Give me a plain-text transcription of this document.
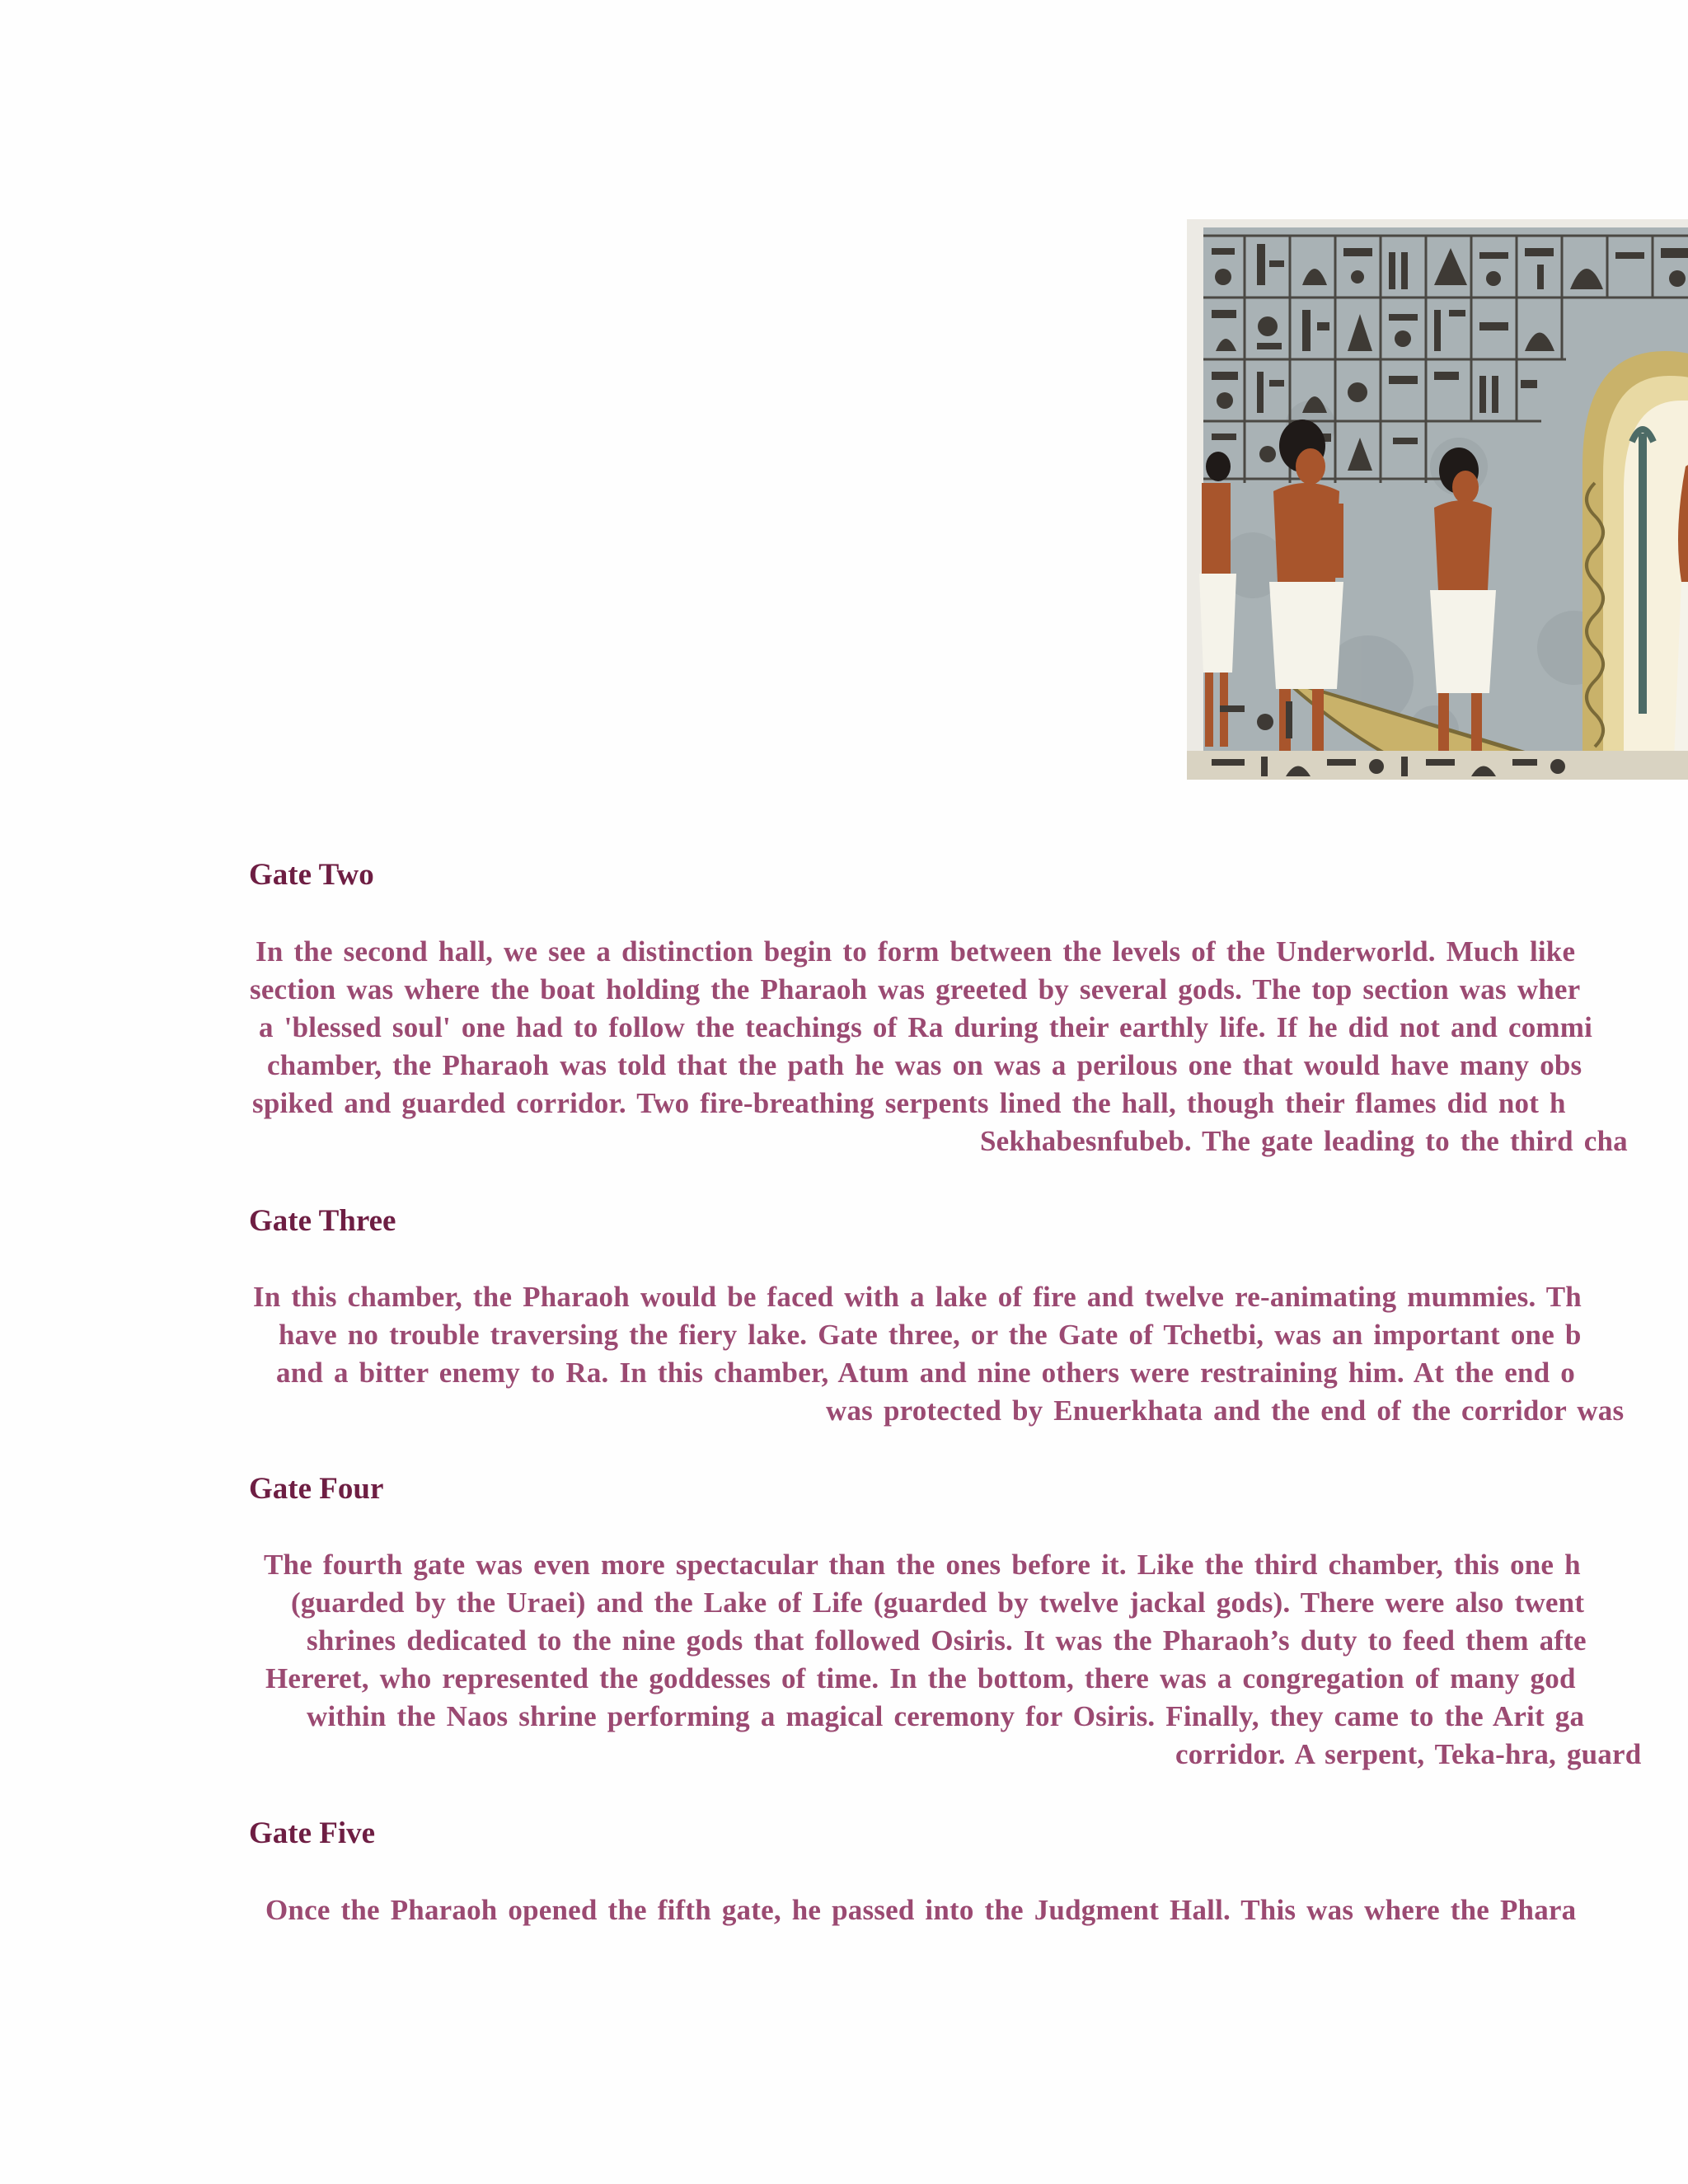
Gate Two
In the second hall, we see a distinction begin to form between the levels of the Underworld. Much like
section was where the boat holding the Pharaoh was greeted by several gods. The top section was wher
a 'blessed soul' one had to follow the teachings of Ra during their earthly life. If he did not and commi
chamber, the Pharaoh was told that the path he was on was a perilous one that would have many obs
spiked and guarded corridor. Two fire-breathing serpents lined the hall, though their flames did not h
Sekhabesnfubeb. The gate leading to the third cha
Gate Three
In this chamber, the Pharaoh would be faced with a lake of fire and twelve re-animating mummies. Th
have no trouble traversing the fiery lake. Gate three, or the Gate of Tchetbi, was an important one b
and a bitter enemy to Ra. In this chamber, Atum and nine others were restraining him. At the end o
was protected by Enuerkhata and the end of the corridor was
Gate Four
The fourth gate was even more spectacular than the ones before it. Like the third chamber, this one h
(guarded by the Uraei) and the Lake of Life (guarded by twelve jackal gods). There were also twent
shrines dedicated to the nine gods that followed Osiris. It was the Pharaoh’s duty to feed them afte
Hereret, who represented the goddesses of time. In the bottom, there was a congregation of many god
within the Naos shrine performing a magical ceremony for Osiris. Finally, they came to the Arit ga
corridor. A serpent, Teka-hra, guard
Gate Five
Once the Pharaoh opened the fifth gate, he passed into the Judgment Hall. This was where the Phara
